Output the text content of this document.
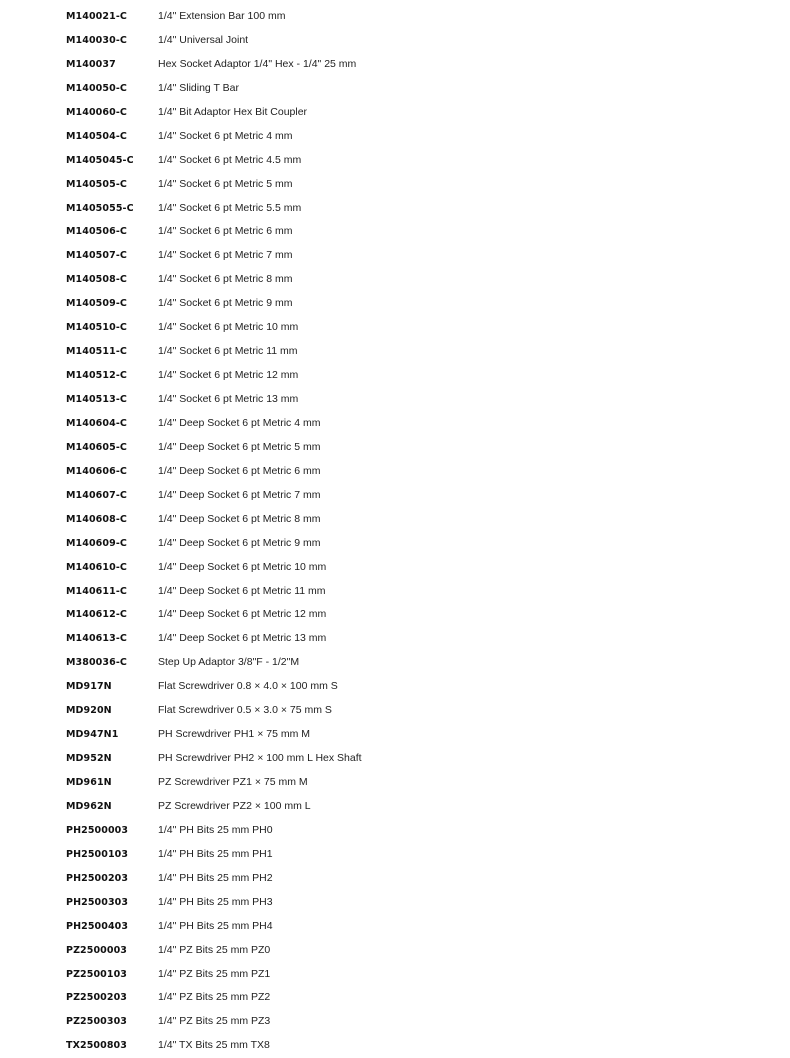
M140021-C	1/4" Extension Bar 100 mm
M140030-C	1/4" Universal Joint
M140037	Hex Socket Adaptor 1/4" Hex - 1/4" 25 mm
M140050-C	1/4" Sliding T Bar
M140060-C	1/4" Bit Adaptor Hex Bit Coupler
M140504-C	1/4" Socket 6 pt Metric 4 mm
M1405045-C	1/4" Socket 6 pt Metric 4.5 mm
M140505-C	1/4" Socket 6 pt Metric 5 mm
M1405055-C	1/4" Socket 6 pt Metric 5.5 mm
M140506-C	1/4" Socket 6 pt Metric 6 mm
M140507-C	1/4" Socket 6 pt Metric 7 mm
M140508-C	1/4" Socket 6 pt Metric 8 mm
M140509-C	1/4" Socket 6 pt Metric 9 mm
M140510-C	1/4" Socket 6 pt Metric 10 mm
M140511-C	1/4" Socket 6 pt Metric 11 mm
M140512-C	1/4" Socket 6 pt Metric 12 mm
M140513-C	1/4" Socket 6 pt Metric 13 mm
M140604-C	1/4" Deep Socket 6 pt Metric 4 mm
M140605-C	1/4" Deep Socket 6 pt Metric 5 mm
M140606-C	1/4" Deep Socket 6 pt Metric 6 mm
M140607-C	1/4" Deep Socket 6 pt Metric 7 mm
M140608-C	1/4" Deep Socket 6 pt Metric 8 mm
M140609-C	1/4" Deep Socket 6 pt Metric 9 mm
M140610-C	1/4" Deep Socket 6 pt Metric 10 mm
M140611-C	1/4" Deep Socket 6 pt Metric 11 mm
M140612-C	1/4" Deep Socket 6 pt Metric 12 mm
M140613-C	1/4" Deep Socket 6 pt Metric 13 mm
M380036-C	Step Up Adaptor 3/8"F - 1/2"M
MD917N	Flat Screwdriver 0.8 × 4.0 × 100 mm S
MD920N	Flat Screwdriver 0.5 × 3.0 × 75 mm S
MD947N1	PH Screwdriver PH1 × 75 mm M
MD952N	PH Screwdriver PH2 × 100 mm L Hex Shaft
MD961N	PZ Screwdriver PZ1 × 75 mm M
MD962N	PZ Screwdriver PZ2 × 100 mm L
PH2500003	1/4" PH Bits 25 mm PH0
PH2500103	1/4" PH Bits 25 mm PH1
PH2500203	1/4" PH Bits 25 mm PH2
PH2500303	1/4" PH Bits 25 mm PH3
PH2500403	1/4" PH Bits 25 mm PH4
PZ2500003	1/4" PZ Bits 25 mm PZ0
PZ2500103	1/4" PZ Bits 25 mm PZ1
PZ2500203	1/4" PZ Bits 25 mm PZ2
PZ2500303	1/4" PZ Bits 25 mm PZ3
TX2500803	1/4" TX Bits 25 mm TX8
